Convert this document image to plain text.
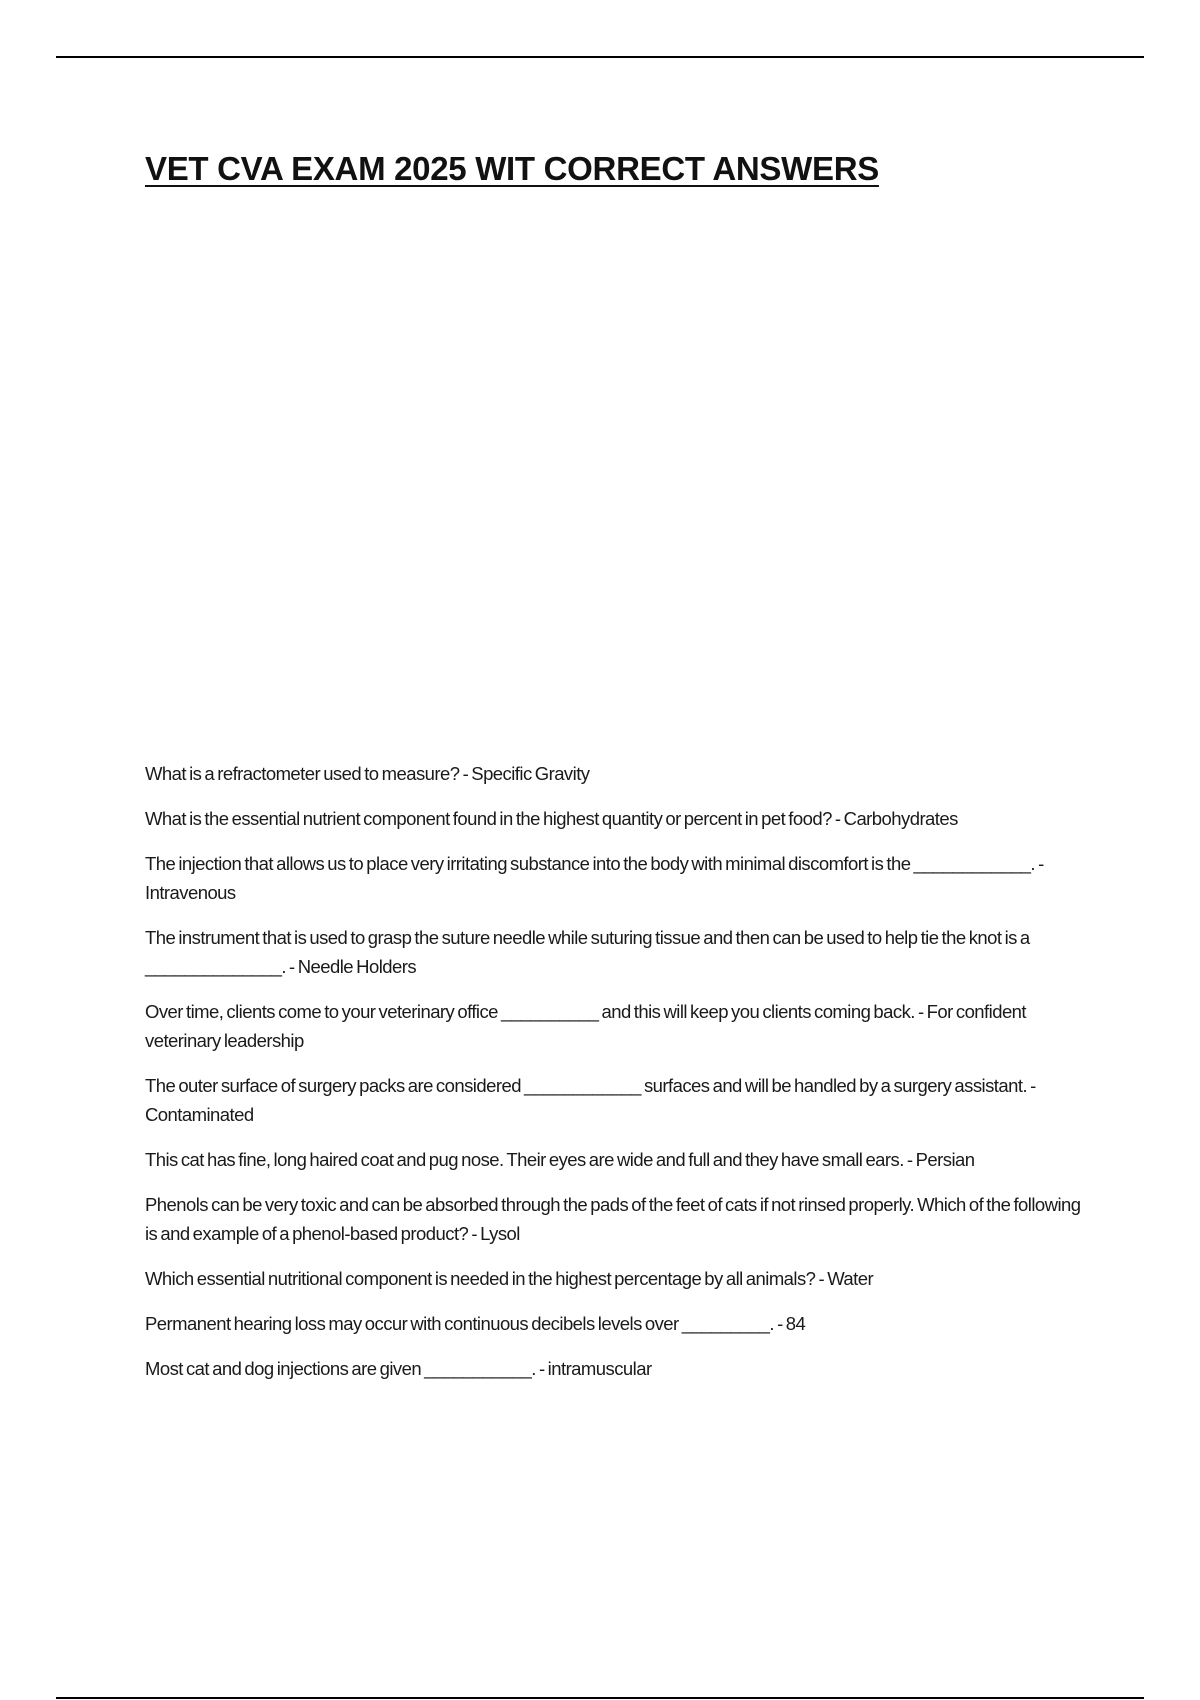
VET CVA EXAM 2025 WIT CORRECT ANSWERS
What is a refractometer used to measure? - Specific Gravity
What is the essential nutrient component found in the highest quantity or percent in pet food? - Carbohydrates
The injection that allows us to place very irritating substance into the body with minimal discomfort is the ____________. - Intravenous
The instrument that is used to grasp the suture needle while suturing tissue and then can be used to help tie the knot is a ______________. - Needle Holders
Over time, clients come to your veterinary office __________ and this will keep you clients coming back. - For confident veterinary leadership
The outer surface of surgery packs are considered ____________ surfaces and will be handled by a surgery assistant. - Contaminated
This cat has fine, long haired coat and pug nose. Their eyes are wide and full and they have small ears. - Persian
Phenols can be very toxic and can be absorbed through the pads of the feet of cats if not rinsed properly. Which of the following is and example of a phenol-based product? - Lysol
Which essential nutritional component is needed in the highest percentage by all animals? - Water
Permanent hearing loss may occur with continuous decibels levels over _________. - 84
Most cat and dog injections are given ___________. - intramuscular
